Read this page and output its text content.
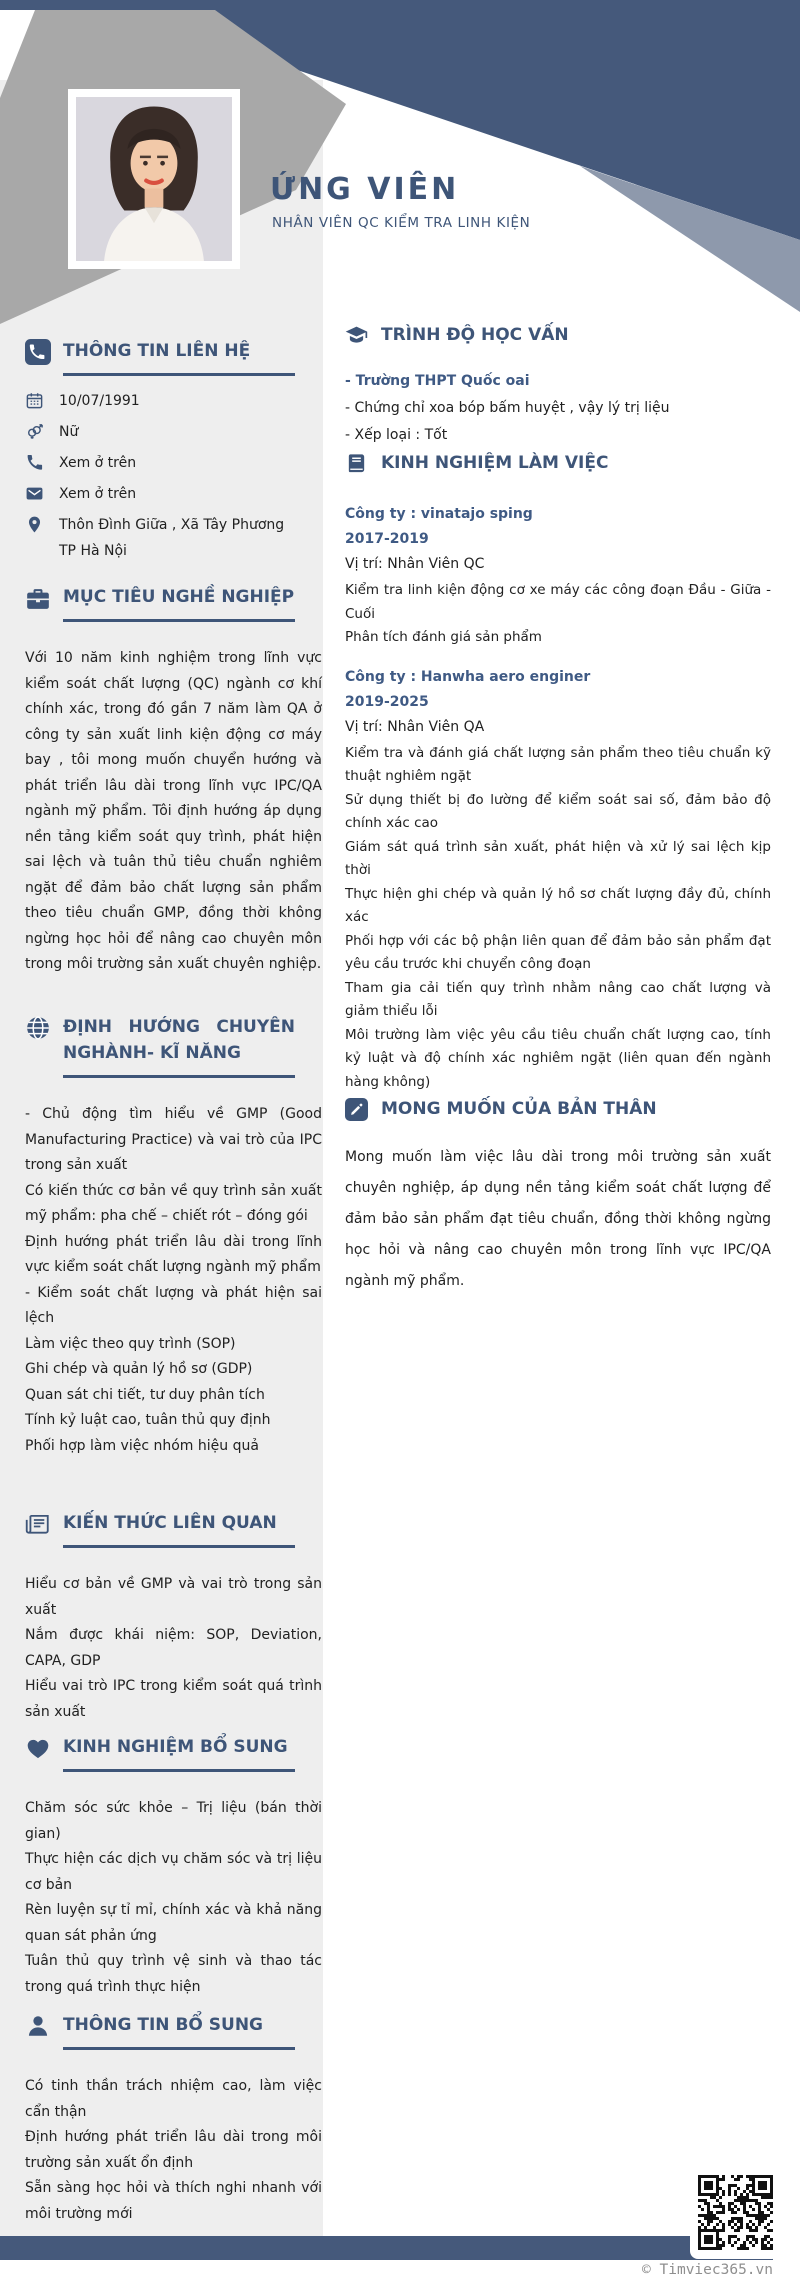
ỨNG VIÊN
NHÂN VIÊN QC KIỂM TRA LINH KIỆN
THÔNG TIN LIÊN HỆ
10/07/1991
Nữ
Xem ở trên
Xem ở trên
Thôn Đình Giữa , Xã Tây Phương TP Hà Nội
MỤC TIÊU NGHỀ NGHIỆP
Với 10 năm kinh nghiệm trong lĩnh vực kiểm soát chất lượng (QC) ngành cơ khí chính xác, trong đó gần 7 năm làm QA ở công ty sản xuất linh kiện động cơ máy bay , tôi mong muốn chuyển hướng và phát triển lâu dài trong lĩnh vực IPC/QA ngành mỹ phẩm. Tôi định hướng áp dụng nền tảng kiểm soát quy trình, phát hiện sai lệch và tuân thủ tiêu chuẩn nghiêm ngặt để đảm bảo chất lượng sản phẩm theo tiêu chuẩn GMP, đồng thời không ngừng học hỏi để nâng cao chuyên môn trong môi trường sản xuất chuyên nghiệp.
ĐỊNH HƯỚNG CHUYÊN NGHÀNH- KĨ NĂNG
- Chủ động tìm hiểu về GMP (Good Manufacturing Practice) và vai trò của IPC trong sản xuất
Có kiến thức cơ bản về quy trình sản xuất mỹ phẩm: pha chế – chiết rót – đóng gói
Định hướng phát triển lâu dài trong lĩnh vực kiểm soát chất lượng ngành mỹ phẩm
- Kiểm soát chất lượng và phát hiện sai lệch
Làm việc theo quy trình (SOP)
Ghi chép và quản lý hồ sơ (GDP)
Quan sát chi tiết, tư duy phân tích
Tính kỷ luật cao, tuân thủ quy định
Phối hợp làm việc nhóm hiệu quả
KIẾN THỨC LIÊN QUAN
Hiểu cơ bản về GMP và vai trò trong sản xuất
Nắm được khái niệm: SOP, Deviation, CAPA, GDP
Hiểu vai trò IPC trong kiểm soát quá trình sản xuất
KINH NGHIỆM BỔ SUNG
Chăm sóc sức khỏe – Trị liệu (bán thời gian)
Thực hiện các dịch vụ chăm sóc và trị liệu cơ bản
Rèn luyện sự tỉ mỉ, chính xác và khả năng quan sát phản ứng
Tuân thủ quy trình vệ sinh và thao tác trong quá trình thực hiện
THÔNG TIN BỔ SUNG
Có tinh thần trách nhiệm cao, làm việc cẩn thận
Định hướng phát triển lâu dài trong môi trường sản xuất ổn định
Sẵn sàng học hỏi và thích nghi nhanh với môi trường mới
TRÌNH ĐỘ HỌC VẤN
- Trường THPT Quốc oai
- Chứng chỉ xoa bóp bấm huyệt , vậy lý trị liệu
- Xếp loại : Tốt
KINH NGHIỆM LÀM VIỆC
Công ty : vinatajo sping
2017-2019
Vị trí: Nhân Viên QC
Kiểm tra linh kiện động cơ xe máy các công đoạn Đầu - Giữa - Cuối
Phân tích đánh giá sản phẩm
Công ty : Hanwha aero enginer
2019-2025
Vị trí: Nhân Viên QA
Kiểm tra và đánh giá chất lượng sản phẩm theo tiêu chuẩn kỹ thuật nghiêm ngặt
Sử dụng thiết bị đo lường để kiểm soát sai số, đảm bảo độ chính xác cao
Giám sát quá trình sản xuất, phát hiện và xử lý sai lệch kịp thời
Thực hiện ghi chép và quản lý hồ sơ chất lượng đầy đủ, chính xác
Phối hợp với các bộ phận liên quan để đảm bảo sản phẩm đạt yêu cầu trước khi chuyển công đoạn
Tham gia cải tiến quy trình nhằm nâng cao chất lượng và giảm thiểu lỗi
Môi trường làm việc yêu cầu tiêu chuẩn chất lượng cao, tính kỷ luật và độ chính xác nghiêm ngặt (liên quan đến ngành hàng không)
MONG MUỐN CỦA BẢN THÂN
Mong muốn làm việc lâu dài trong môi trường sản xuất chuyên nghiệp, áp dụng nền tảng kiểm soát chất lượng để đảm bảo sản phẩm đạt tiêu chuẩn, đồng thời không ngừng học hỏi và nâng cao chuyên môn trong lĩnh vực IPC/QA ngành mỹ phẩm.
© Timviec365.vn
